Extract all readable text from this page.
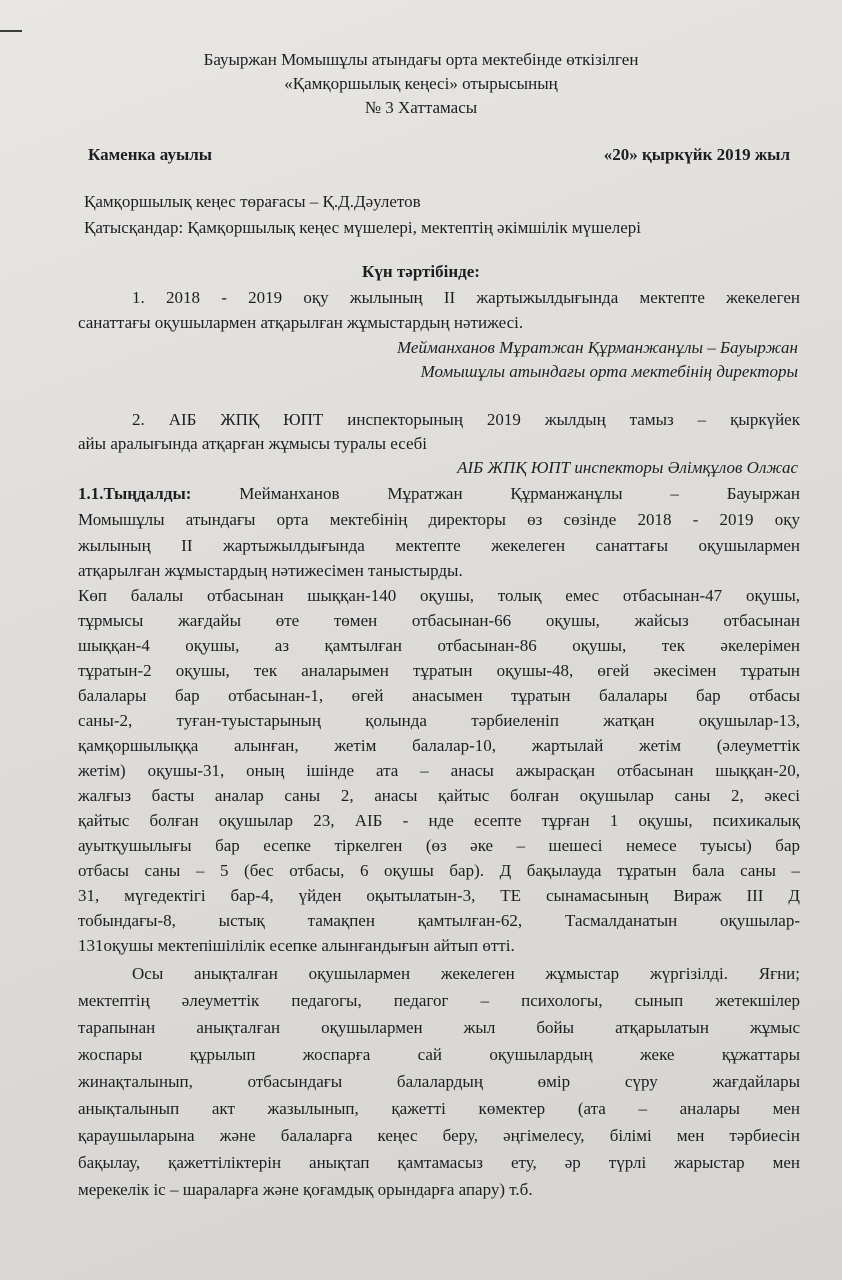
Бауыржан Момышұлы атындағы орта мектебінде өткізілген
«Қамқоршылық кеңесі» отырысының
№ 3 Хаттамасы
Каменка ауылы	«20» қыркүйк 2019 жыл
Қамқоршылық кеңес төрағасы – Қ.Д.Дәулетов
Қатысқандар: Қамқоршылық кеңес мүшелері, мектептің әкімшілік мүшелері
Күн тәртібінде:
1. 2018 - 2019 оқу жылының ІІ жартыжылдығында мектепте жекелеген
санаттағы оқушылармен атқарылған жұмыстардың нәтижесі.
Мейманханов Мұратжан Құрманжанұлы – Бауыржан
Момышұлы атындағы орта мектебінің директоры
2. АІБ ЖПҚ ЮПТ инспекторының 2019 жылдың тамыз – қыркүйек
айы аралығында атқарған жұмысы туралы есебі
АІБ ЖПҚ ЮПТ инспекторы Әлімқұлов Олжас
1.1.Тыңдалды:	Мейманханов Мұратжан Құрманжанұлы – Бауыржан
Момышұлы атындағы орта мектебінің директоры өз сөзінде 2018 - 2019 оқу
жылының ІІ жартыжылдығында мектепте жекелеген санаттағы оқушылармен
атқарылған жұмыстардың нәтижесімен таныстырды.
Көп балалы отбасынан шыққан-140 оқушы, толық емес отбасынан-47 оқушы,
тұрмысы жағдайы өте төмен отбасынан-66 оқушы, жайсыз отбасынан
шыққан-4 оқушы, аз қамтылған отбасынан-86 оқушы, тек әкелерімен
тұратын-2 оқушы, тек аналарымен тұратын оқушы-48, өгей әкесімен тұратын
балалары бар отбасынан-1, өгей анасымен тұратын балалары бар отбасы
саны-2, туған-туыстарының қолында тәрбиеленіп жатқан оқушылар-13,
қамқоршылыққа алынған, жетім балалар-10, жартылай жетім (әлеуметтік
жетім) оқушы-31, оның ішінде ата – анасы ажырасқан отбасынан шыққан-20,
жалғыз басты аналар саны 2, анасы қайтыс болған оқушылар саны 2, әкесі
қайтыс болған оқушылар 23, АІБ - нде есепте тұрған 1 оқушы, психикалық
ауытқушылығы бар есепке тіркелген (өз әке – шешесі немесе туысы) бар
отбасы саны – 5 (бес отбасы, 6 оқушы бар). Д бақылауда тұратын бала саны –
31, мүгедектігі бар-4, үйден оқытылатын-3, ТЕ сынамасының Вираж ІІІ Д
тобындағы-8, ыстық тамақпен қамтылған-62, Тасмалданатын оқушылар-
131оқушы мектепішілілік есепке алынғандығын айтып өтті.
Осы анықталған оқушылармен жекелеген жұмыстар жүргізілді. Яғни;
мектептің әлеуметтік педагогы, педагог – психологы, сынып жетекшілер
тарапынан анықталған оқушылармен жыл бойы атқарылатын жұмыс
жоспары құрылып жоспарға сай оқушылардың жеке құжаттары
жинақталынып, отбасындағы балалардың өмір сүру жағдайлары
анықталынып акт жазылынып, қажетті көмектер (ата – аналары мен
қараушыларына және балаларға кеңес беру, әңгімелесу, білімі мен тәрбиесін
бақылау, қажеттіліктерін анықтап қамтамасыз ету, әр түрлі жарыстар мен
мерекелік іс – шараларға және қоғамдық орындарға апару) т.б.
